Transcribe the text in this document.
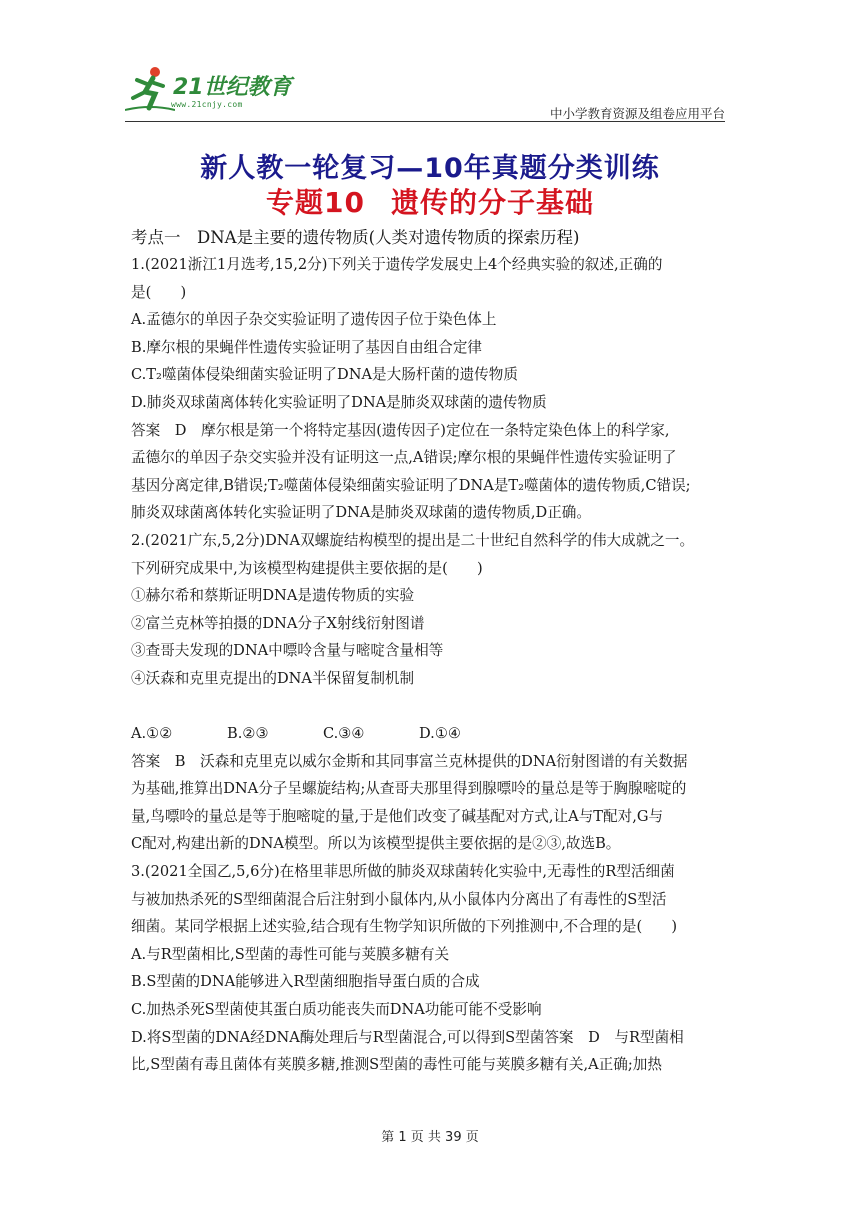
21世纪教育
www.21cnjy.com
中小学教育资源及组卷应用平台
新人教一轮复习—10年真题分类训练
专题10 遗传的分子基础

考点一　DNA是主要的遗传物质(人类对遗传物质的探索历程)

1.(2021浙江1月选考,15,2分)下列关于遗传学发展史上4个经典实验的叙述,正确的

是(　　)

A.孟德尔的单因子杂交实验证明了遗传因子位于染色体上

B.摩尔根的果蝇伴性遗传实验证明了基因自由组合定律

C.T₂噬菌体侵染细菌实验证明了DNA是大肠杆菌的遗传物质

D.肺炎双球菌离体转化实验证明了DNA是肺炎双球菌的遗传物质

答案　D　摩尔根是第一个将特定基因(遗传因子)定位在一条特定染色体上的科学家,

孟德尔的单因子杂交实验并没有证明这一点,A错误;摩尔根的果蝇伴性遗传实验证明了

基因分离定律,B错误;T₂噬菌体侵染细菌实验证明了DNA是T₂噬菌体的遗传物质,C错误;

肺炎双球菌离体转化实验证明了DNA是肺炎双球菌的遗传物质,D正确。

2.(2021广东,5,2分)DNA双螺旋结构模型的提出是二十世纪自然科学的伟大成就之一。

下列研究成果中,为该模型构建提供主要依据的是(　　)

①赫尔希和蔡斯证明DNA是遗传物质的实验

②富兰克林等拍摄的DNA分子X射线衍射图谱

③查哥夫发现的DNA中嘌呤含量与嘧啶含量相等

④沃森和克里克提出的DNA半保留复制机制

A.①②	B.②③	C.③④	D.①④

答案　B　沃森和克里克以威尔金斯和其同事富兰克林提供的DNA衍射图谱的有关数据

为基础,推算出DNA分子呈螺旋结构;从查哥夫那里得到腺嘌呤的量总是等于胸腺嘧啶的

量,鸟嘌呤的量总是等于胞嘧啶的量,于是他们改变了碱基配对方式,让A与T配对,G与

C配对,构建出新的DNA模型。所以为该模型提供主要依据的是②③,故选B。

3.(2021全国乙,5,6分)在格里菲思所做的肺炎双球菌转化实验中,无毒性的R型活细菌

与被加热杀死的S型细菌混合后注射到小鼠体内,从小鼠体内分离出了有毒性的S型活

细菌。某同学根据上述实验,结合现有生物学知识所做的下列推测中,不合理的是(　　)

A.与R型菌相比,S型菌的毒性可能与荚膜多糖有关

B.S型菌的DNA能够进入R型菌细胞指导蛋白质的合成

C.加热杀死S型菌使其蛋白质功能丧失而DNA功能可能不受影响

D.将S型菌的DNA经DNA酶处理后与R型菌混合,可以得到S型菌答案　D　与R型菌相

比,S型菌有毒且菌体有荚膜多糖,推测S型菌的毒性可能与荚膜多糖有关,A正确;加热

第 1 页 共 39 页
